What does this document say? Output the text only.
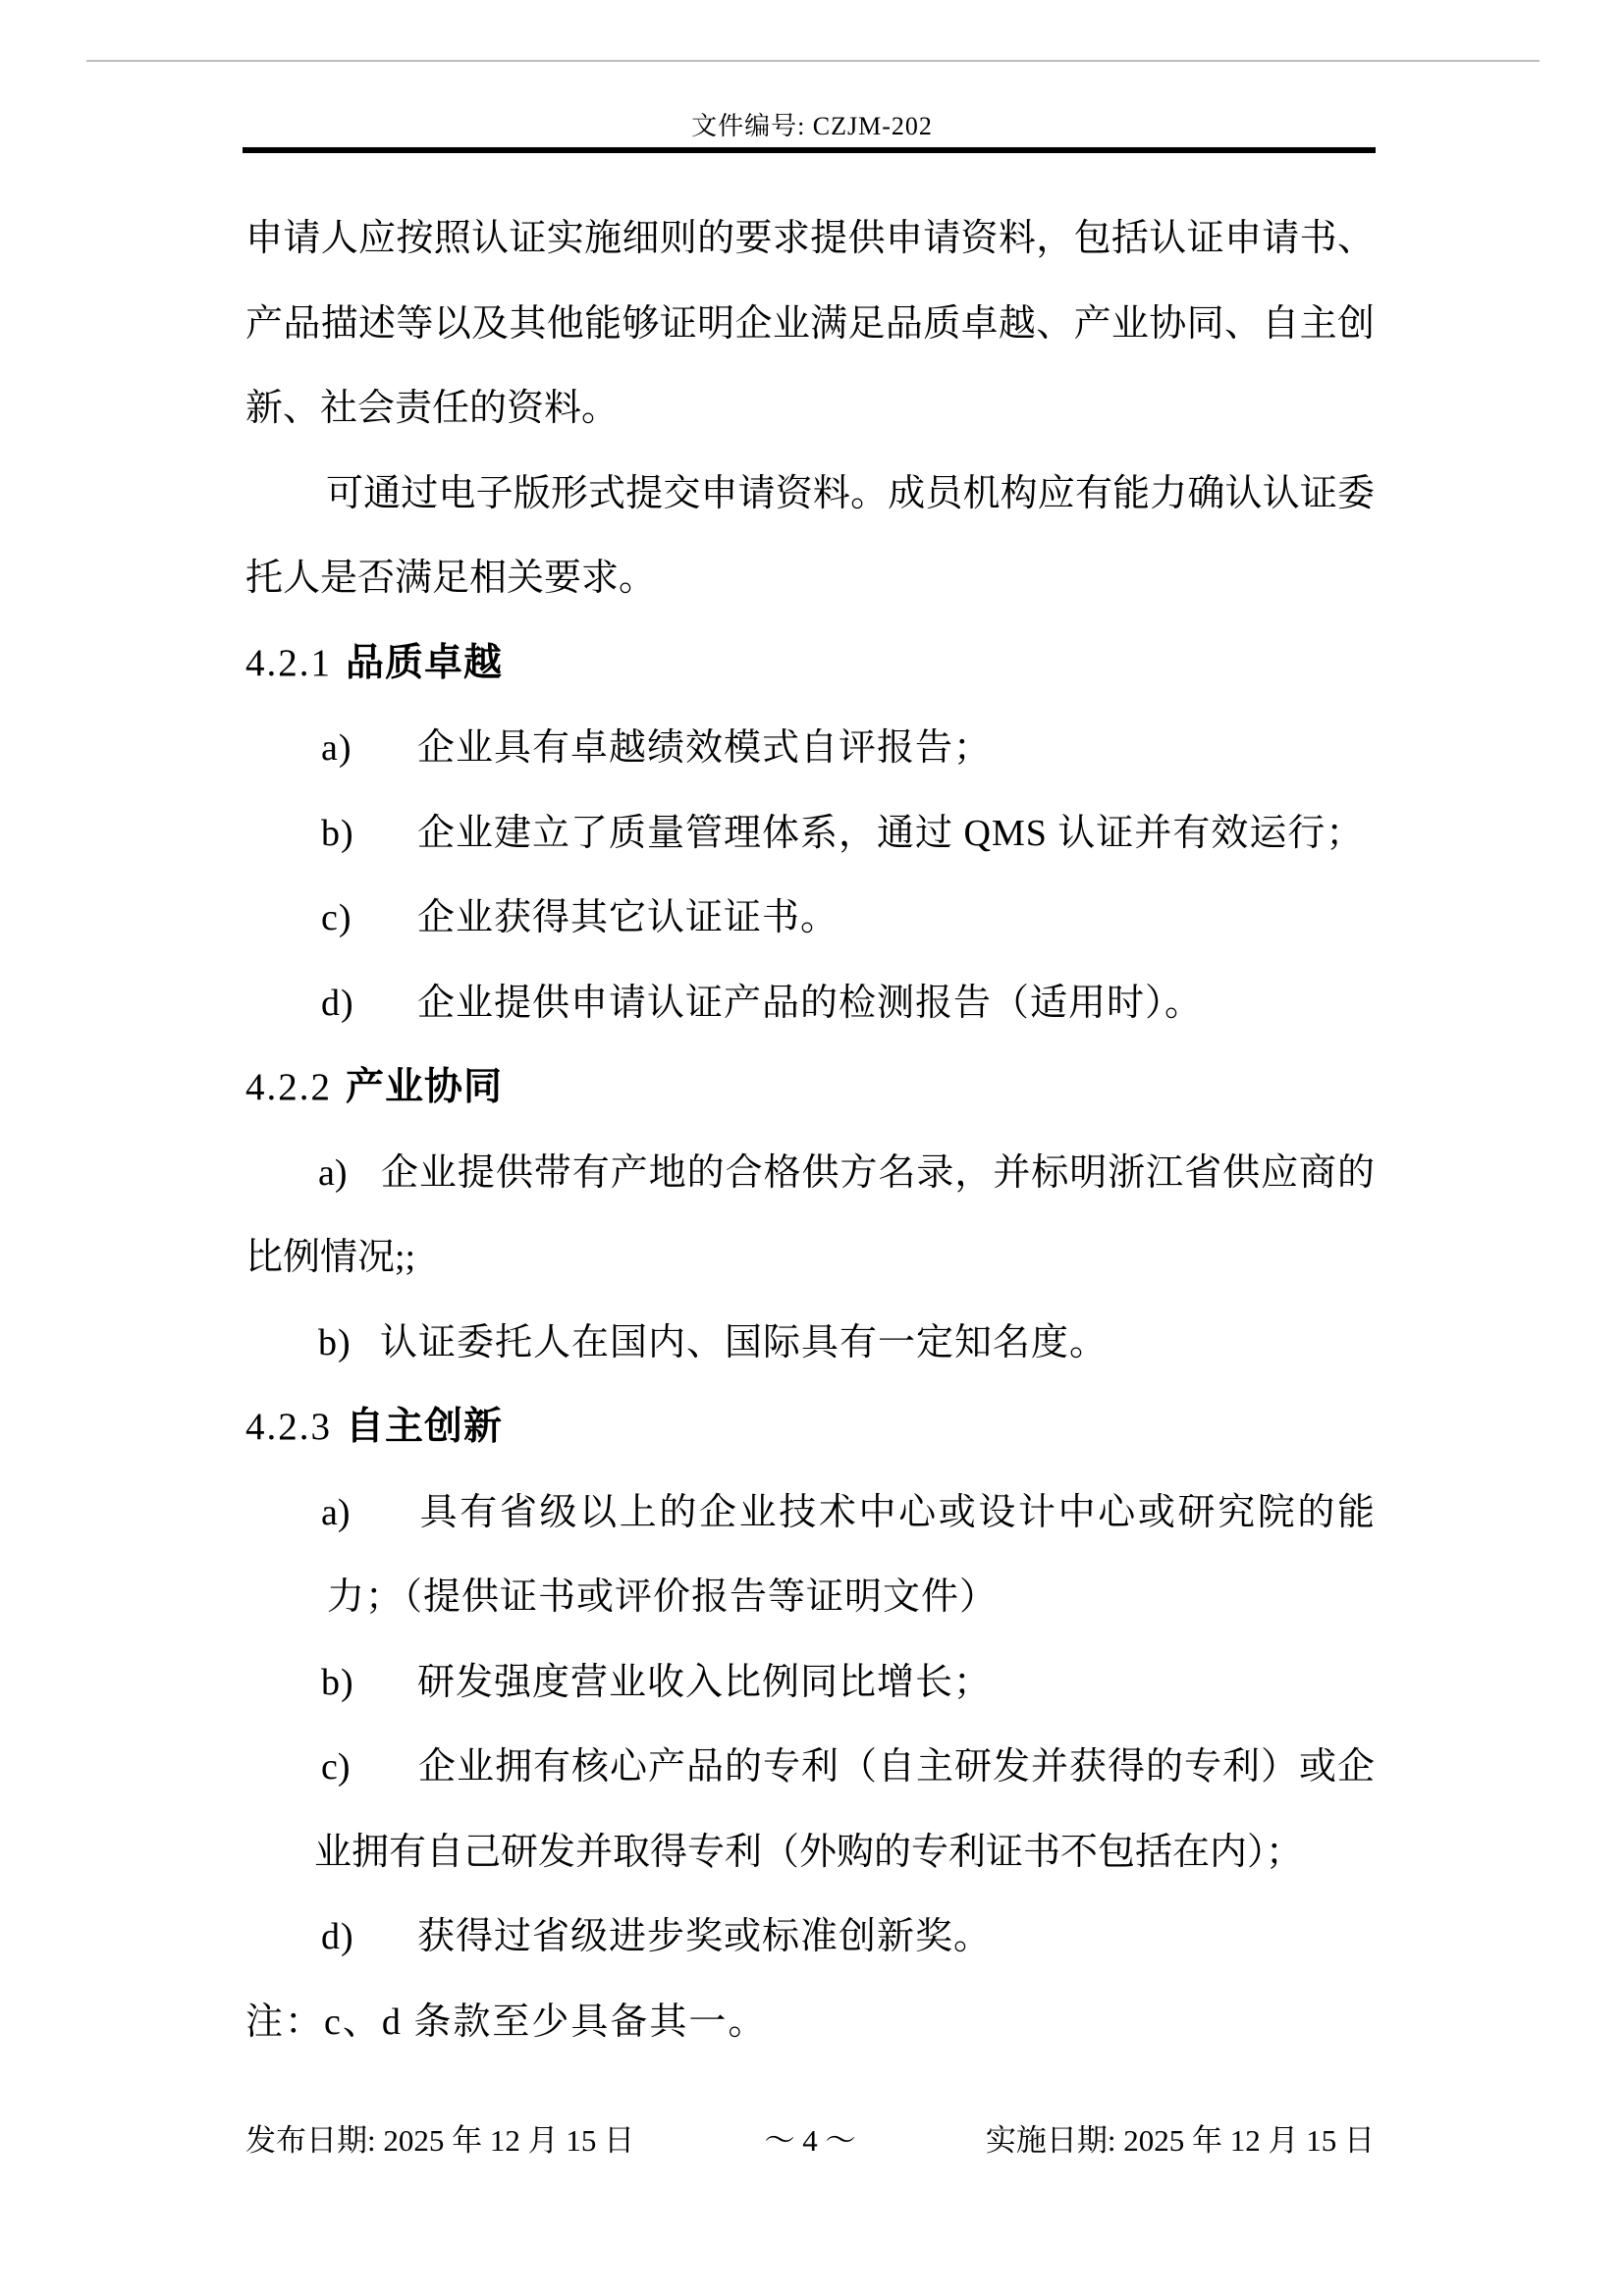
文件编号: CZJM-202
申请人应按照认证实施细则的要求提供申请资料，包括认证申请书、
产品描述等以及其他能够证明企业满足品质卓越、产业协同、自主创
新、社会责任的资料。
可通过电子版形式提交申请资料。成员机构应有能力确认认证委
托人是否满足相关要求。
4.2.1 品质卓越
a) 企业具有卓越绩效模式自评报告；
b) 企业建立了质量管理体系，通过 QMS 认证并有效运行；
c) 企业获得其它认证证书。
d) 企业提供申请认证产品的检测报告（适用时）。
4.2.2 产业协同
a) 企业提供带有产地的合格供方名录，并标明浙江省供应商的
比例情况;;
b) 认证委托人在国内、国际具有一定知名度。
4.2.3 自主创新
a) 具有省级以上的企业技术中心或设计中心或研究院的能
力；（提供证书或评价报告等证明文件）
b) 研发强度营业收入比例同比增长；
c) 企业拥有核心产品的专利（自主研发并获得的专利）或企
业拥有自己研发并取得专利（外购的专利证书不包括在内）；
d) 获得过省级进步奖或标准创新奖。
注：c、d 条款至少具备其一。
发布日期: 2025 年 12 月 15 日	～ 4 ～	实施日期: 2025 年 12 月 15 日
